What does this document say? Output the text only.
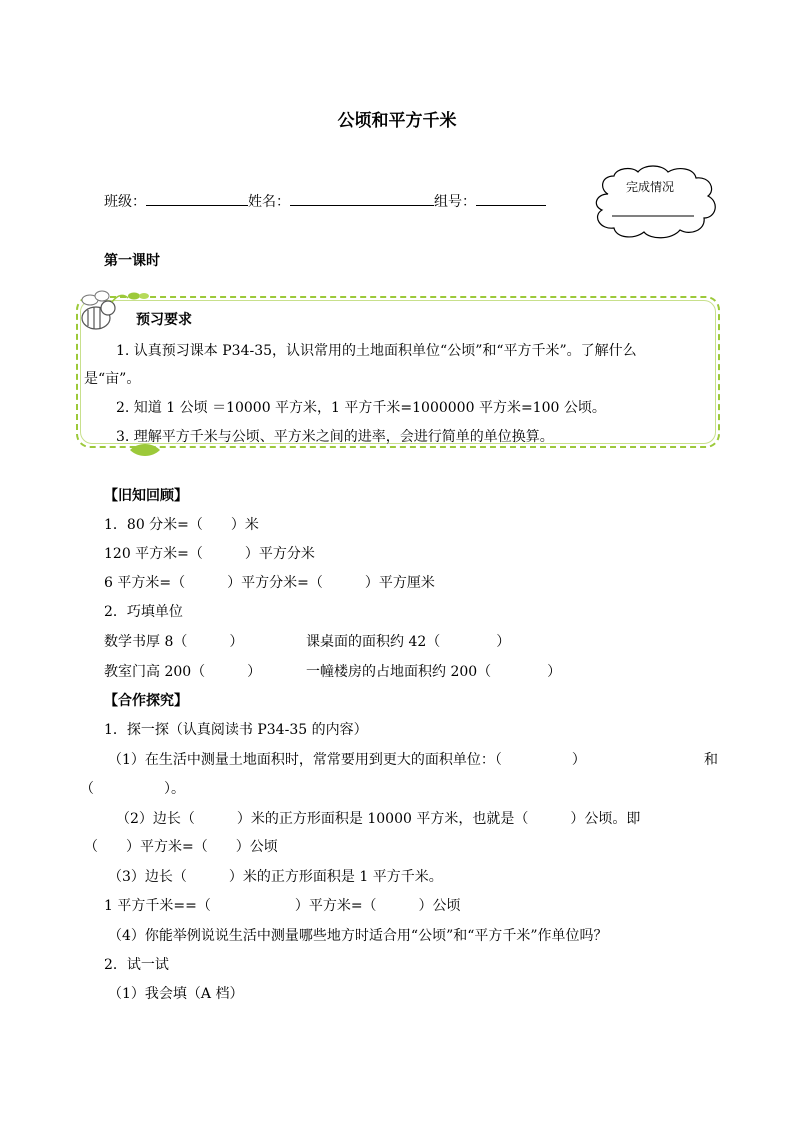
公顷和平方千米
班级：	姓名：	组号：
完成情况
第一课时
预习要求
1. 认真预习课本 P34-35，认识常用的土地面积单位“公顷”和“平方千米”。了解什么
是“亩”。
2. 知道 1 公顷 ＝10000 平方米，1 平方千米=1000000 平方米=100 公顷。
3. 理解平方千米与公顷、平方米之间的进率，会进行简单的单位换算。
【旧知回顾】
1．80 分米=（　　）米
120 平方米=（　　　）平方分米
6 平方米=（　　　）平方分米=（　　　）平方厘米
2．巧填单位
数学书厚 8（　　　）	课桌面的面积约 42（　　　　）
教室门高 200（　　　）	一幢楼房的占地面积约 200（　　　　）
【合作探究】
1．探一探（认真阅读书 P34-35 的内容）
（1）在生活中测量土地面积时，常常要用到更大的面积单位：（　　　　　）	和
（　　　　　）。
（2）边长（　　　）米的正方形面积是 10000 平方米，也就是（　　　）公顷。即
（　　）平方米=（　　）公顷
（3）边长（　　　）米的正方形面积是 1 平方千米。
1 平方千米==（　　　　　　）平方米=（　　　）公顷
（4）你能举例说说生活中测量哪些地方时适合用“公顷”和“平方千米”作单位吗？
2．试一试
（1）我会填（A 档）
